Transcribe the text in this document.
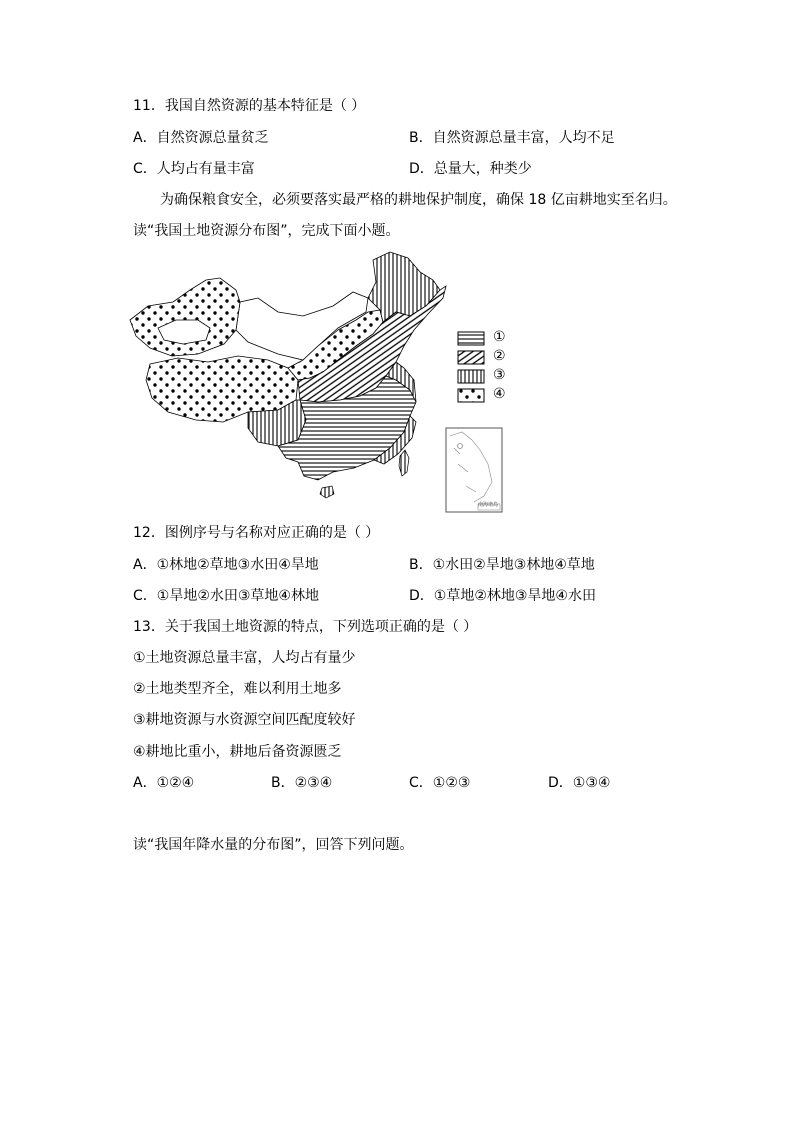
11．我国自然资源的基本特征是（ ）
A．自然资源总量贫乏	B．自然资源总量丰富，人均不足
C．人均占有量丰富	D．总量大，种类少
为确保粮食安全，必须要落实最严格的耕地保护制度，确保 18 亿亩耕地实至名归。
读“我国土地资源分布图”，完成下面小题。
①
②
③
④
南海诸岛
12．图例序号与名称对应正确的是（ ）
A．①林地②草地③水田④旱地	B．①水田②旱地③林地④草地
C．①旱地②水田③草地④林地	D．①草地②林地③旱地④水田
13．关于我国土地资源的特点，下列选项正确的是（ ）
①土地资源总量丰富，人均占有量少
②土地类型齐全，难以利用土地多
③耕地资源与水资源空间匹配度较好
④耕地比重小，耕地后备资源匮乏
A．①②④	B．②③④	C．①②③	D．①③④
读“我国年降水量的分布图”，回答下列问题。
